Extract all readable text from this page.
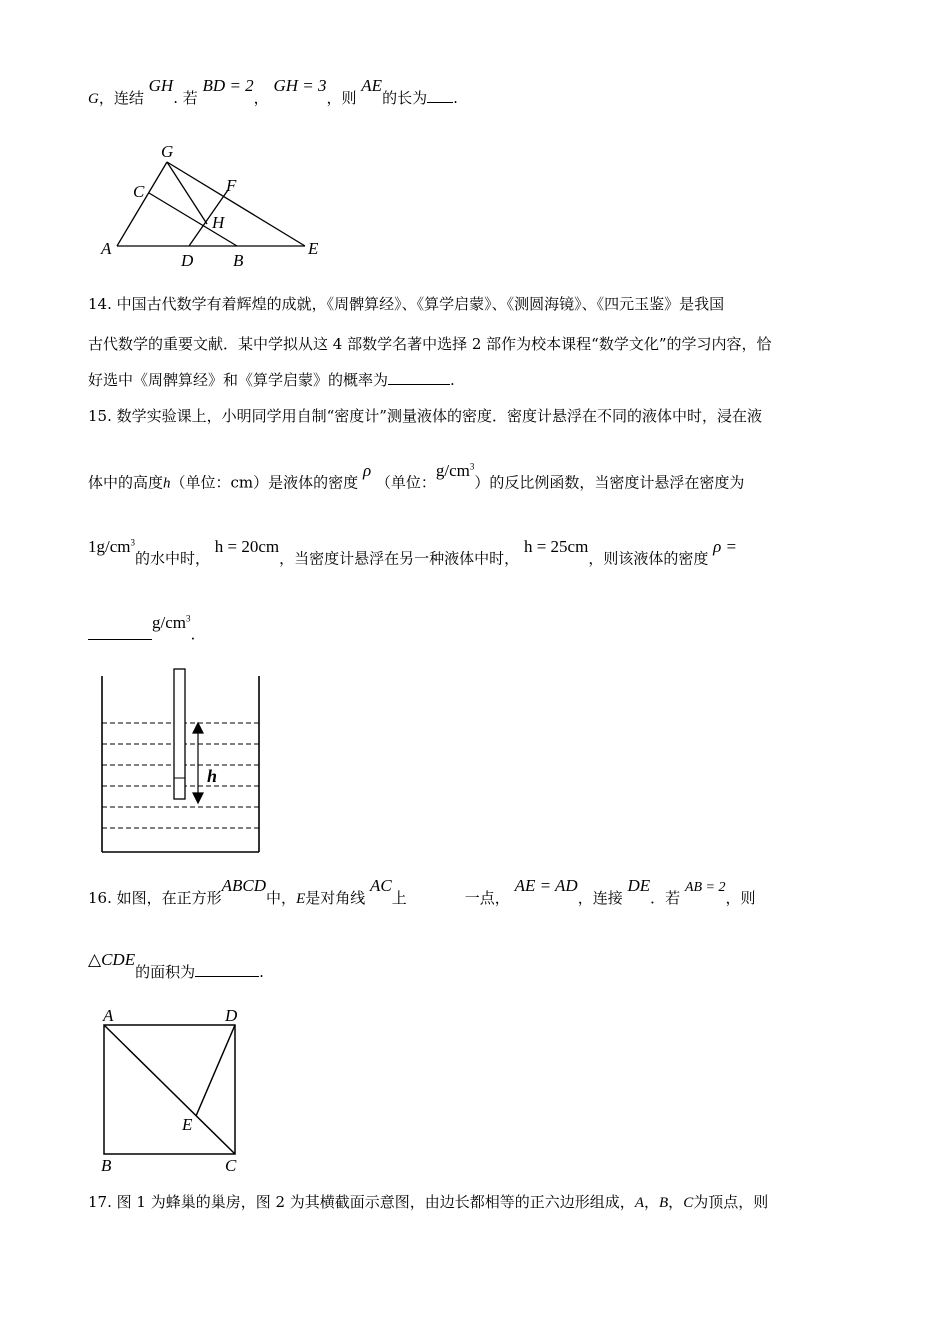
G，连结 GH. 若 BD = 2， GH = 3，则 AE的长为 .
G
C	F
H
A
D B
E
14. 中国古代数学有着辉煌的成就，《周髀算经》、《算学启蒙》、《测圆海镜》、《四元玉鉴》是我国
古代数学的重要文献．某中学拟从这 4 部数学名著中选择 2 部作为校本课程“数学文化”的学习内容，恰
好选中《周髀算经》和《算学启蒙》的概率为	.
15. 数学实验课上，小明同学用自制“密度计”测量液体的密度．密度计悬浮在不同的液体中时，浸在液
体中的高度h（单位：cm）是液体的密度 ρ （单位：$g/cm^3$）的反比例函数，当密度计悬浮在密度为
$1g/cm^3$的水中时， h = 20cm，当密度计悬浮在另一种液体中时， h = 25cm，则该液体的密度 ρ =
$g/cm^3$.
h
16. 如图，在正方形ABCD中，E是对角线 AC上	一点， AE = AD，连接 DE．若 AB = 2，则
△CDE的面积为	.
A	D
E
B	C
17. 图 1 为蜂巢的巢房，图 2 为其横截面示意图，由边长都相等的正六边形组成，A，B，C为顶点，则
